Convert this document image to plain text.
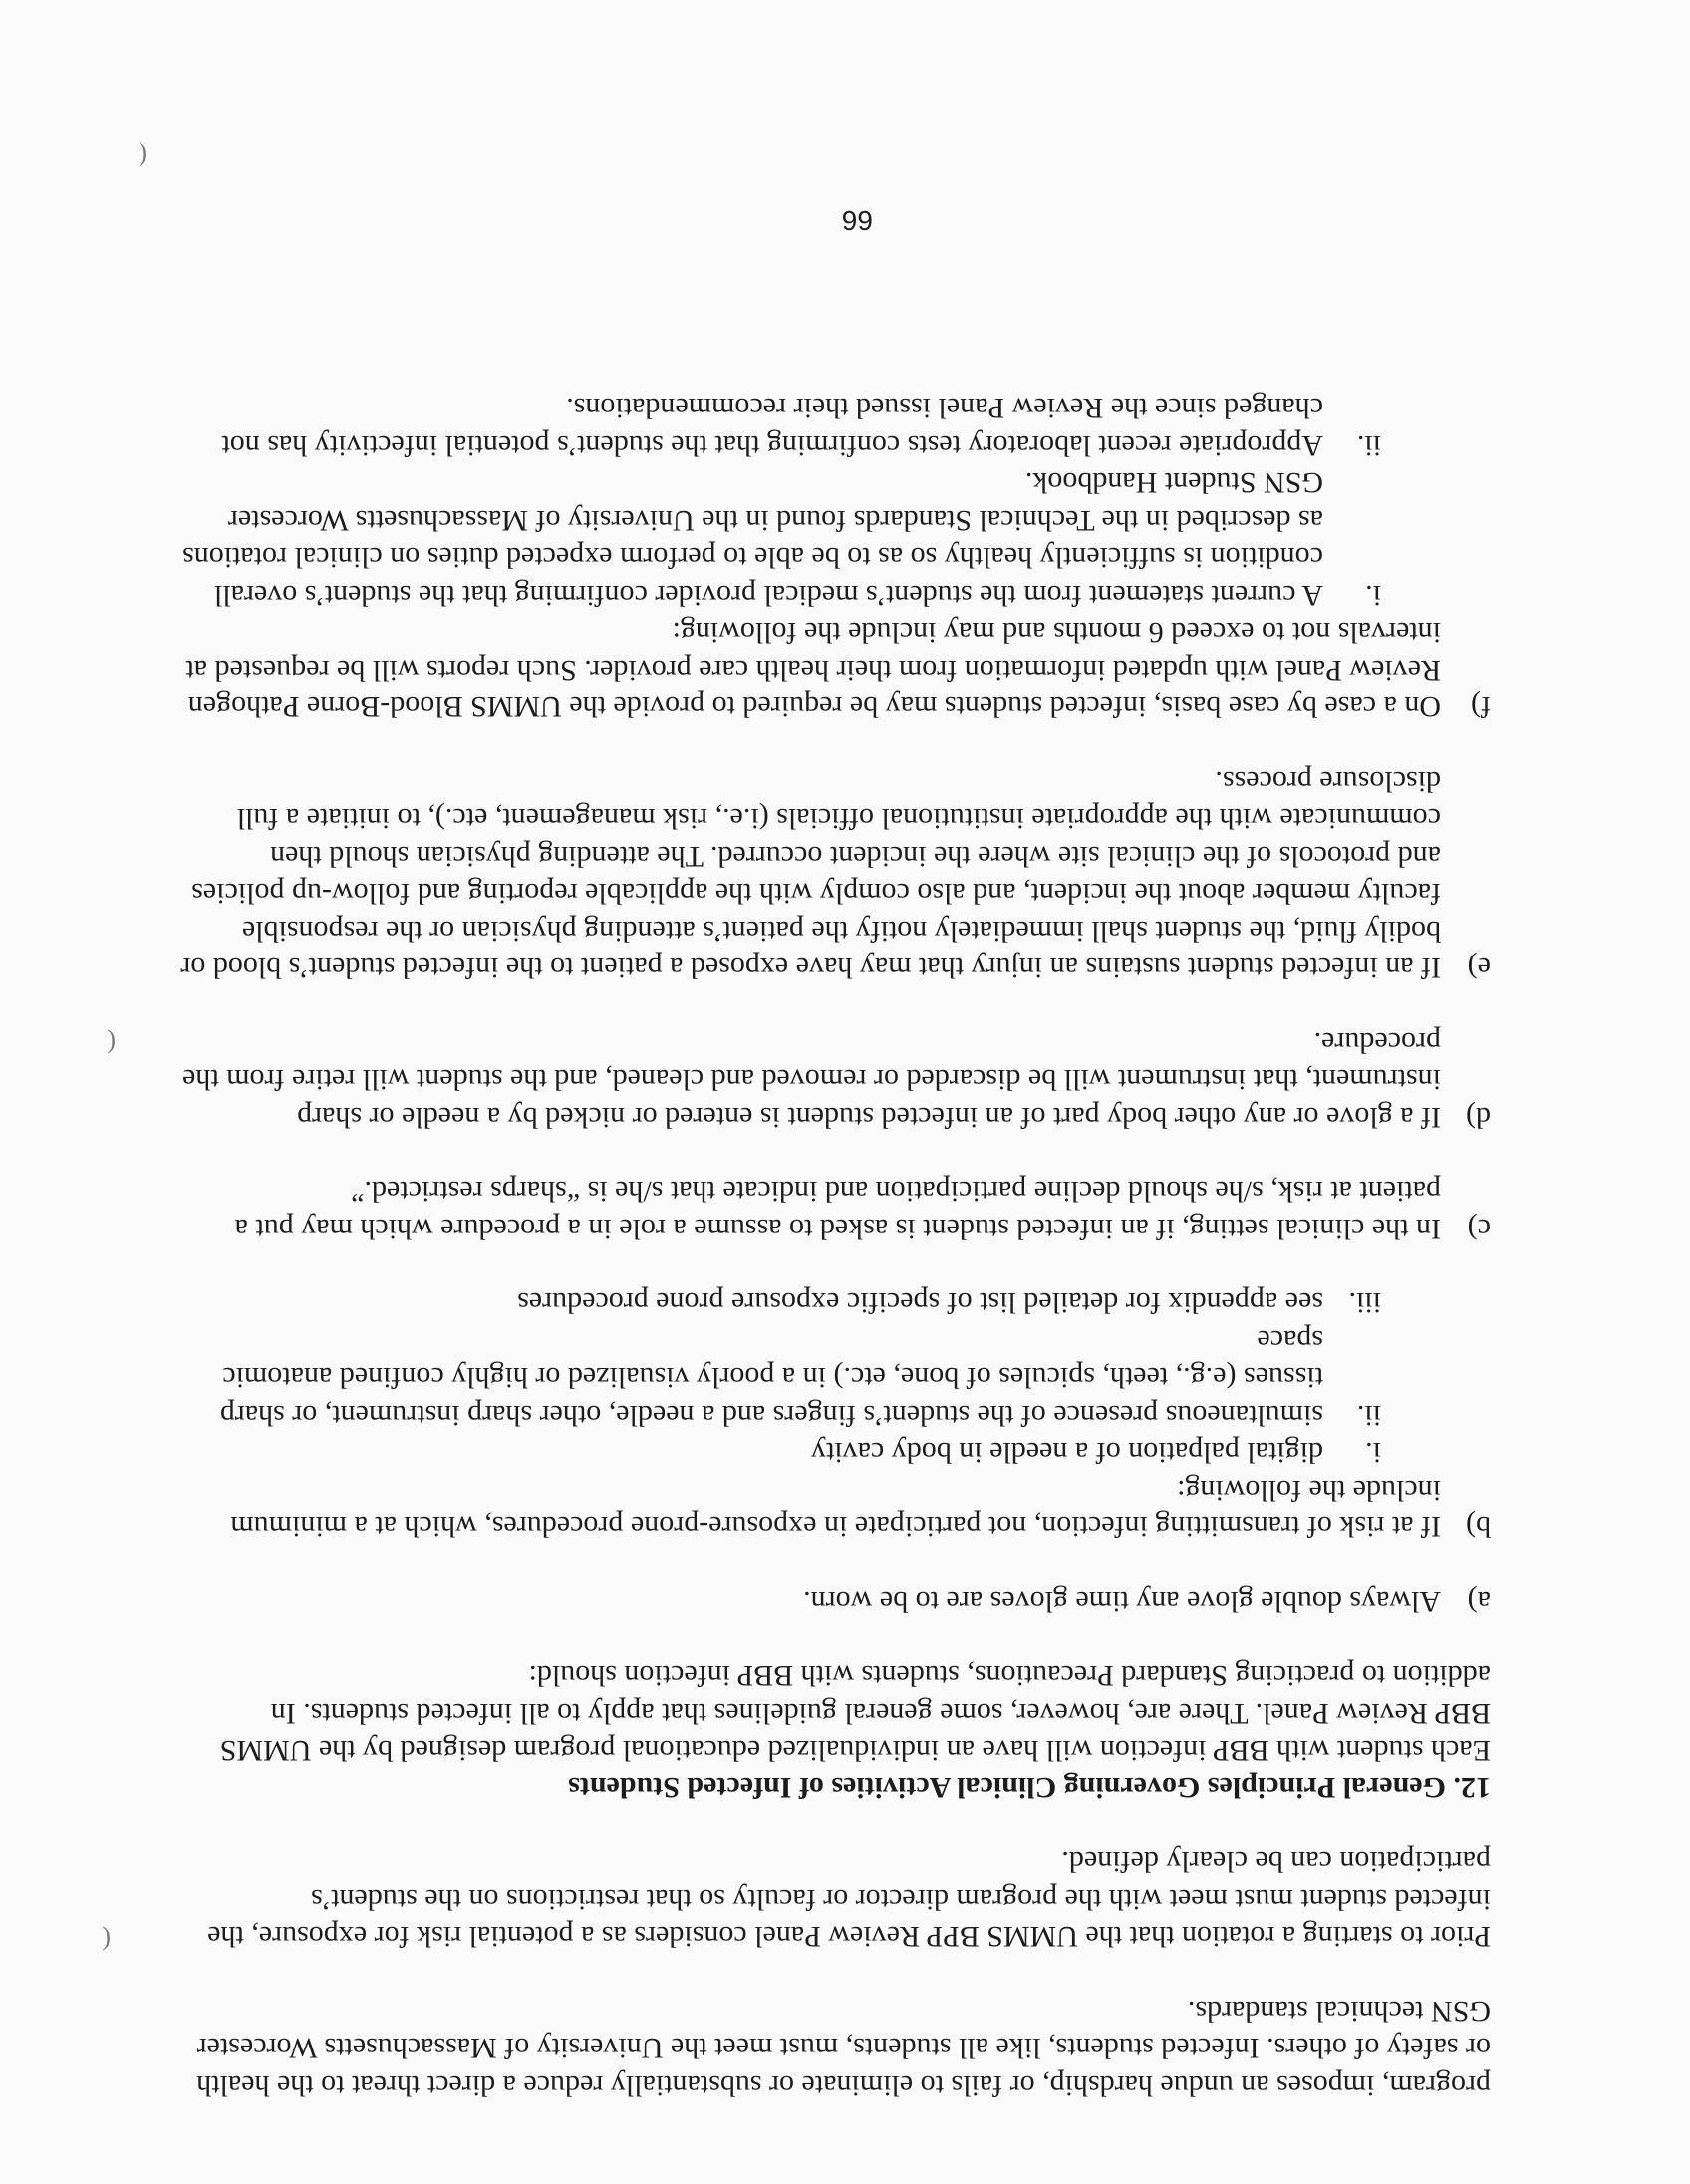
program, imposes an undue hardship, or fails to eliminate or substantially reduce a direct threat to the health or safety of others. Infected students, like all students, must meet the University of Massachusetts Worcester GSN technical standards.

Prior to starting a rotation that the UMMS BPP Review Panel considers as a potential risk for exposure, the infected student must meet with the program director or faculty so that restrictions on the student’s participation can be clearly defined.

12. General Principles Governing Clinical Activities of Infected Students

Each student with BBP infection will have an individualized educational program designed by the UMMS BBP Review Panel. There are, however, some general guidelines that apply to all infected students. In addition to practicing Standard Precautions, students with BBP infection should:

a)
Always double glove any time gloves are to be worn.
b)
If at risk of transmitting infection, not participate in exposure-prone procedures, which at a minimum include the following:
i.
digital palpation of a needle in body cavity
ii.
simultaneous presence of the student’s fingers and a needle, other sharp instrument, or sharp tissues (e.g., teeth, spicules of bone, etc.) in a poorly visualized or highly confined anatomic space
iii.
see appendix for detailed list of specific exposure prone procedures
c)
In the clinical setting, if an infected student is asked to assume a role in a procedure which may put a patient at risk, s/he should decline participation and indicate that s/he is “sharps restricted.”
d)
If a glove or any other body part of an infected student is entered or nicked by a needle or sharp instrument, that instrument will be discarded or removed and cleaned, and the student will retire from the procedure.
e)
If an infected student sustains an injury that may have exposed a patient to the infected student’s blood or bodily fluid, the student shall immediately notify the patient’s attending physician or the responsible faculty member about the incident, and also comply with the applicable reporting and follow-up policies and protocols of the clinical site where the incident occurred. The attending physician should then communicate with the appropriate institutional officials (i.e., risk management, etc.), to initiate a full disclosure process.
f)
On a case by case basis, infected students may be required to provide the UMMS Blood-Borne Pathogen Review Panel with updated information from their health care provider. Such reports will be requested at intervals not to exceed 6 months and may include the following:
i.
A current statement from the student’s medical provider confirming that the student’s overall condition is sufficiently healthy so as to be able to perform expected duties on clinical rotations as described in the Technical Standards found in the University of Massachusetts Worcester GSN Student Handbook.
ii.
Appropriate recent laboratory tests confirming that the student’s potential infectivity has not changed since the Review Panel issued their recommendations.
66
(
(
(
